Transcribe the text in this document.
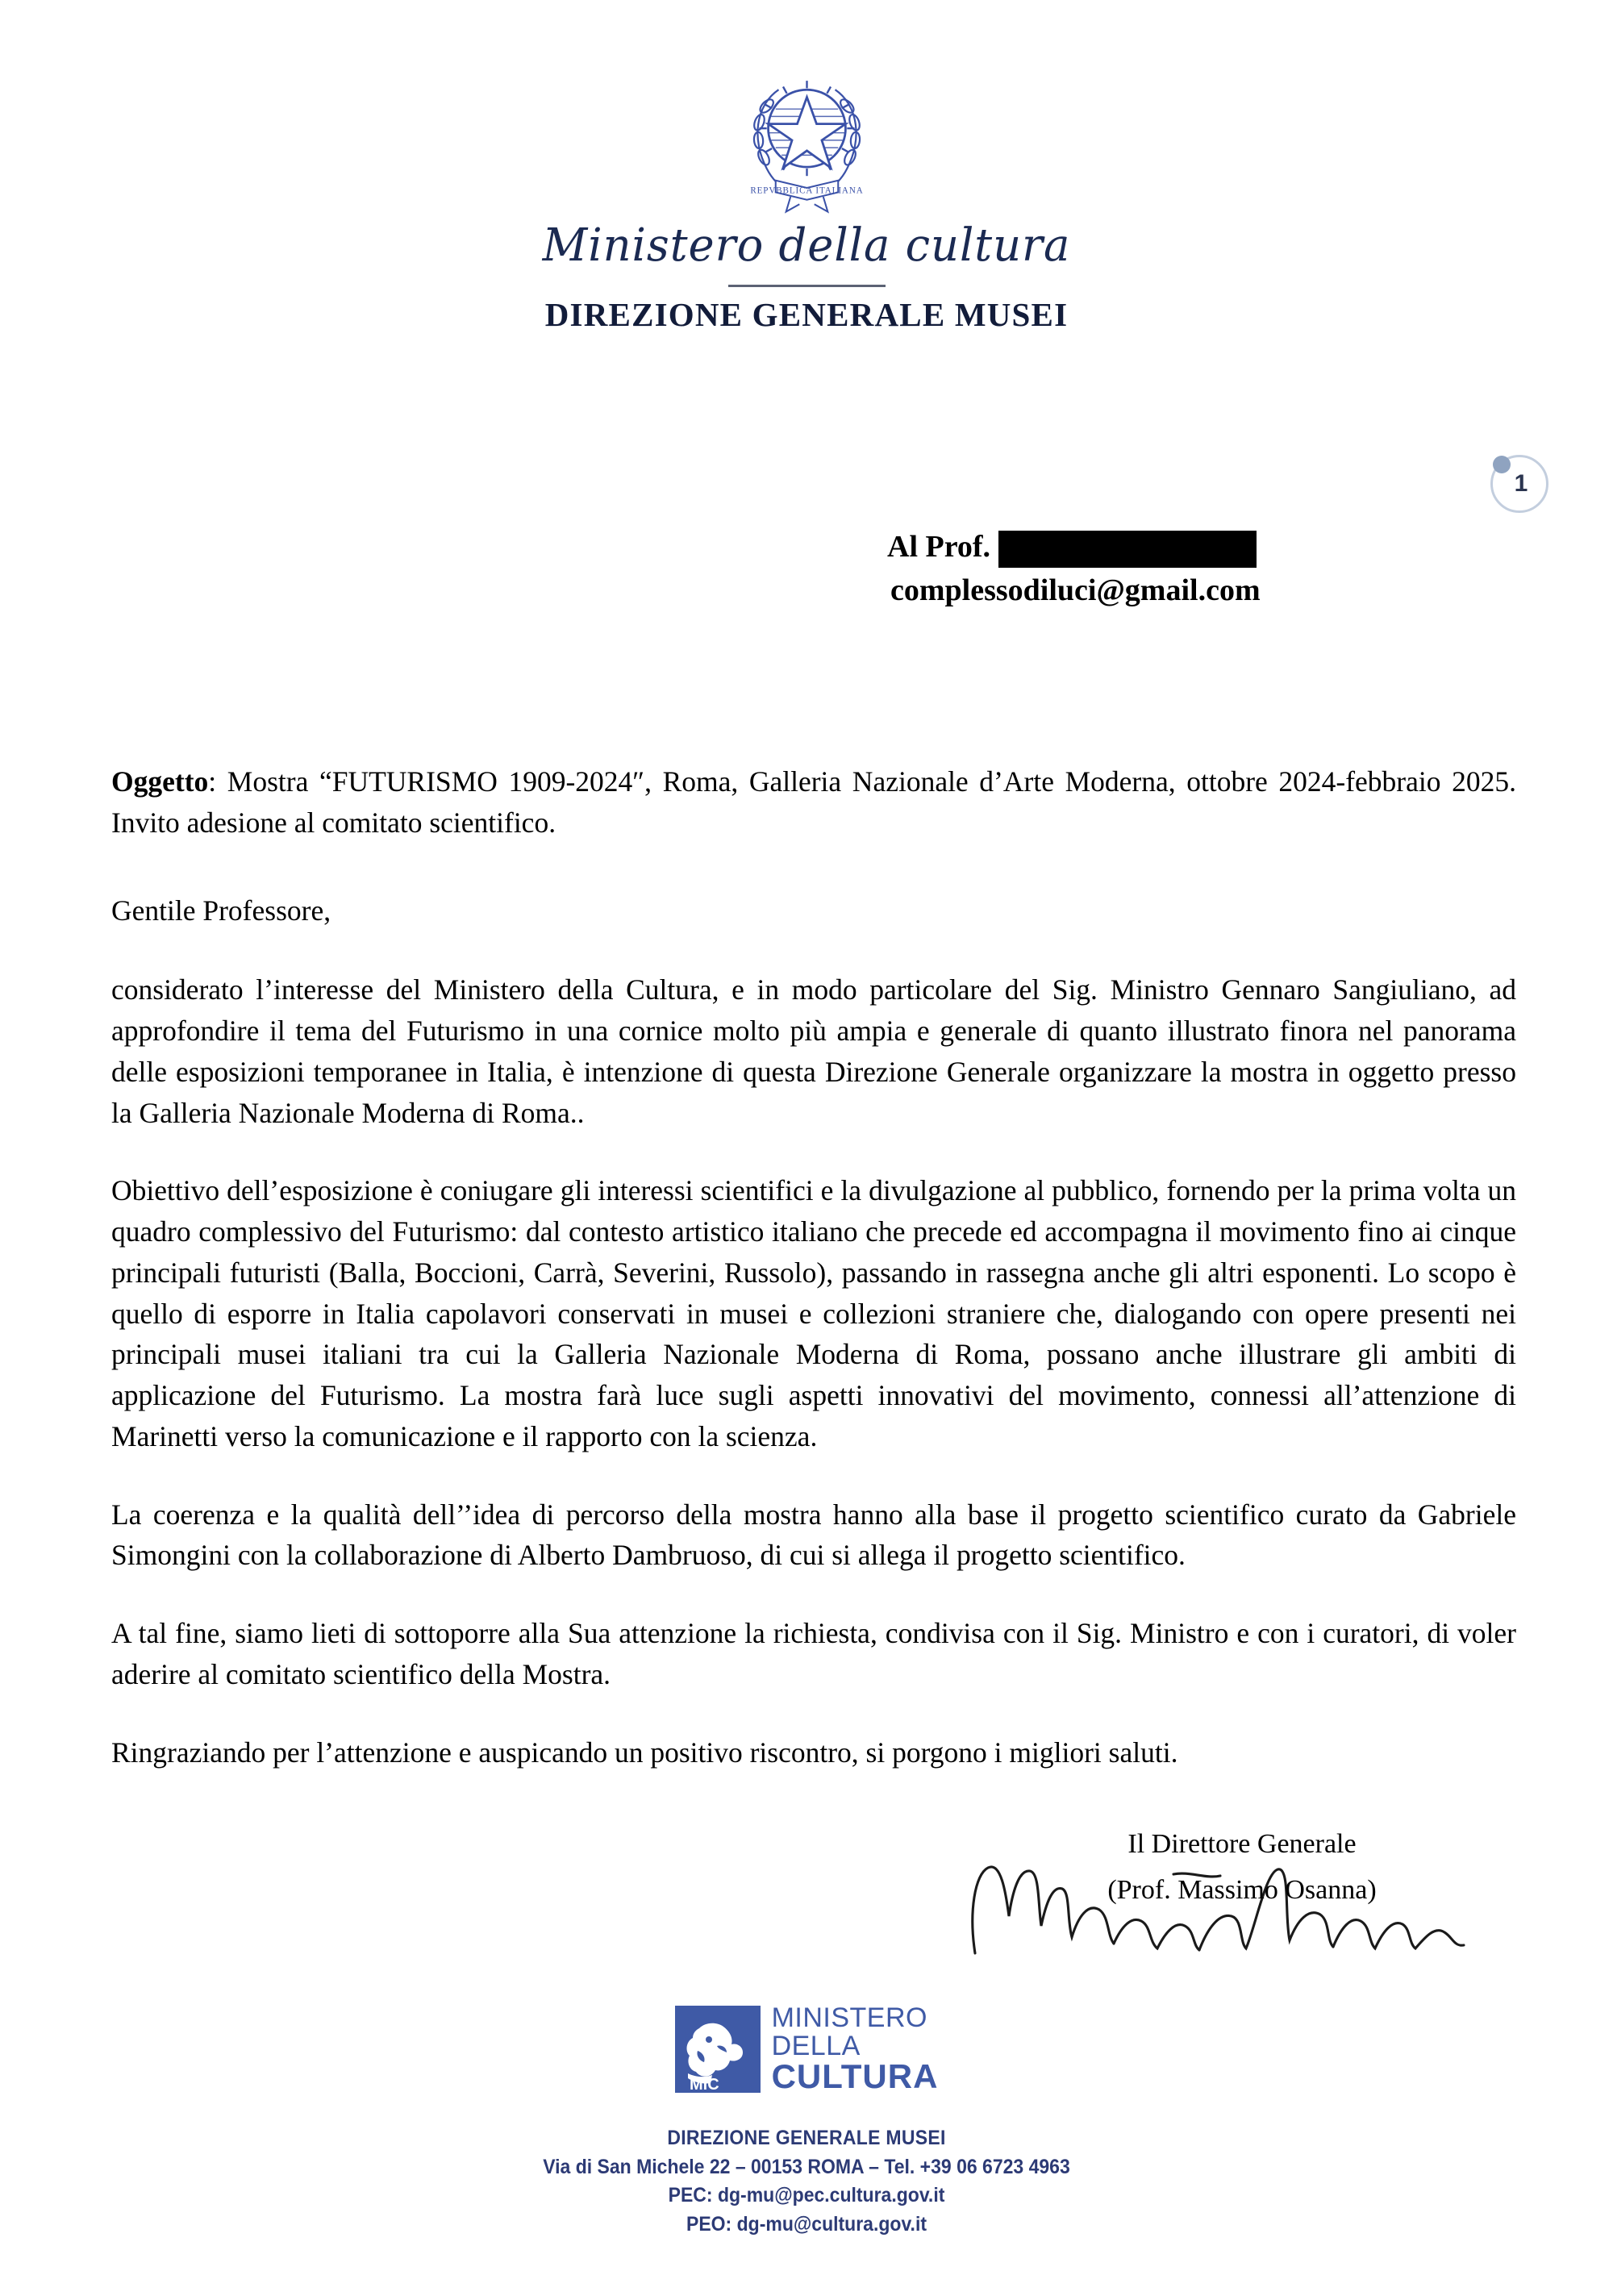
REPVBBLICA ITALIANA
Ministero della cultura
DIREZIONE GENERALE MUSEI
1
Al Prof.
complessodiluci@gmail.com

Oggetto: Mostra “FUTURISMO 1909-2024″, Roma, Galleria Nazionale d’Arte Moderna, ottobre 2024-febbraio 2025. Invito adesione al comitato scientifico.

Gentile Professore,

considerato l’interesse del Ministero della Cultura, e in modo particolare del Sig. Ministro Gennaro Sangiuliano, ad approfondire il tema del Futurismo in una cornice molto più ampia e generale di quanto illustrato finora nel panorama delle esposizioni temporanee in Italia, è intenzione di questa Direzione Generale organizzare la mostra in oggetto presso la Galleria Nazionale Moderna di Roma..

Obiettivo dell’esposizione è coniugare gli interessi scientifici e la divulgazione al pubblico, fornendo per la prima volta un quadro complessivo del Futurismo: dal contesto artistico italiano che precede ed accompagna il movimento fino ai cinque principali futuristi (Balla, Boccioni, Carrà, Severini, Russolo), passando in rassegna anche gli altri esponenti. Lo scopo è quello di esporre in Italia capolavori conservati in musei e collezioni straniere che, dialogando con opere presenti nei principali musei italiani tra cui la Galleria Nazionale Moderna di Roma, possano anche illustrare gli ambiti di applicazione del Futurismo. La mostra farà luce sugli aspetti innovativi del movimento, connessi all’attenzione di Marinetti verso la comunicazione e il rapporto con la scienza.

La coerenza e la qualità dell’’idea di percorso della mostra hanno alla base il progetto scientifico curato da Gabriele Simongini con la collaborazione di Alberto Dambruoso, di cui si allega il progetto scientifico.

A tal fine, siamo lieti di sottoporre alla Sua attenzione la richiesta, condivisa con il Sig. Ministro e con i curatori, di voler aderire al comitato scientifico della Mostra.

Ringraziando per l’attenzione e auspicando un positivo riscontro, si porgono i migliori saluti.

Il Direttore Generale
(Prof. Massimo Osanna)
MiC
MINISTERO
DELLA
CULTURA
DIREZIONE GENERALE MUSEI
Via di San Michele 22 – 00153 ROMA – Tel. +39 06 6723 4963
PEC: dg-mu@pec.cultura.gov.it
PEO: dg-mu@cultura.gov.it
